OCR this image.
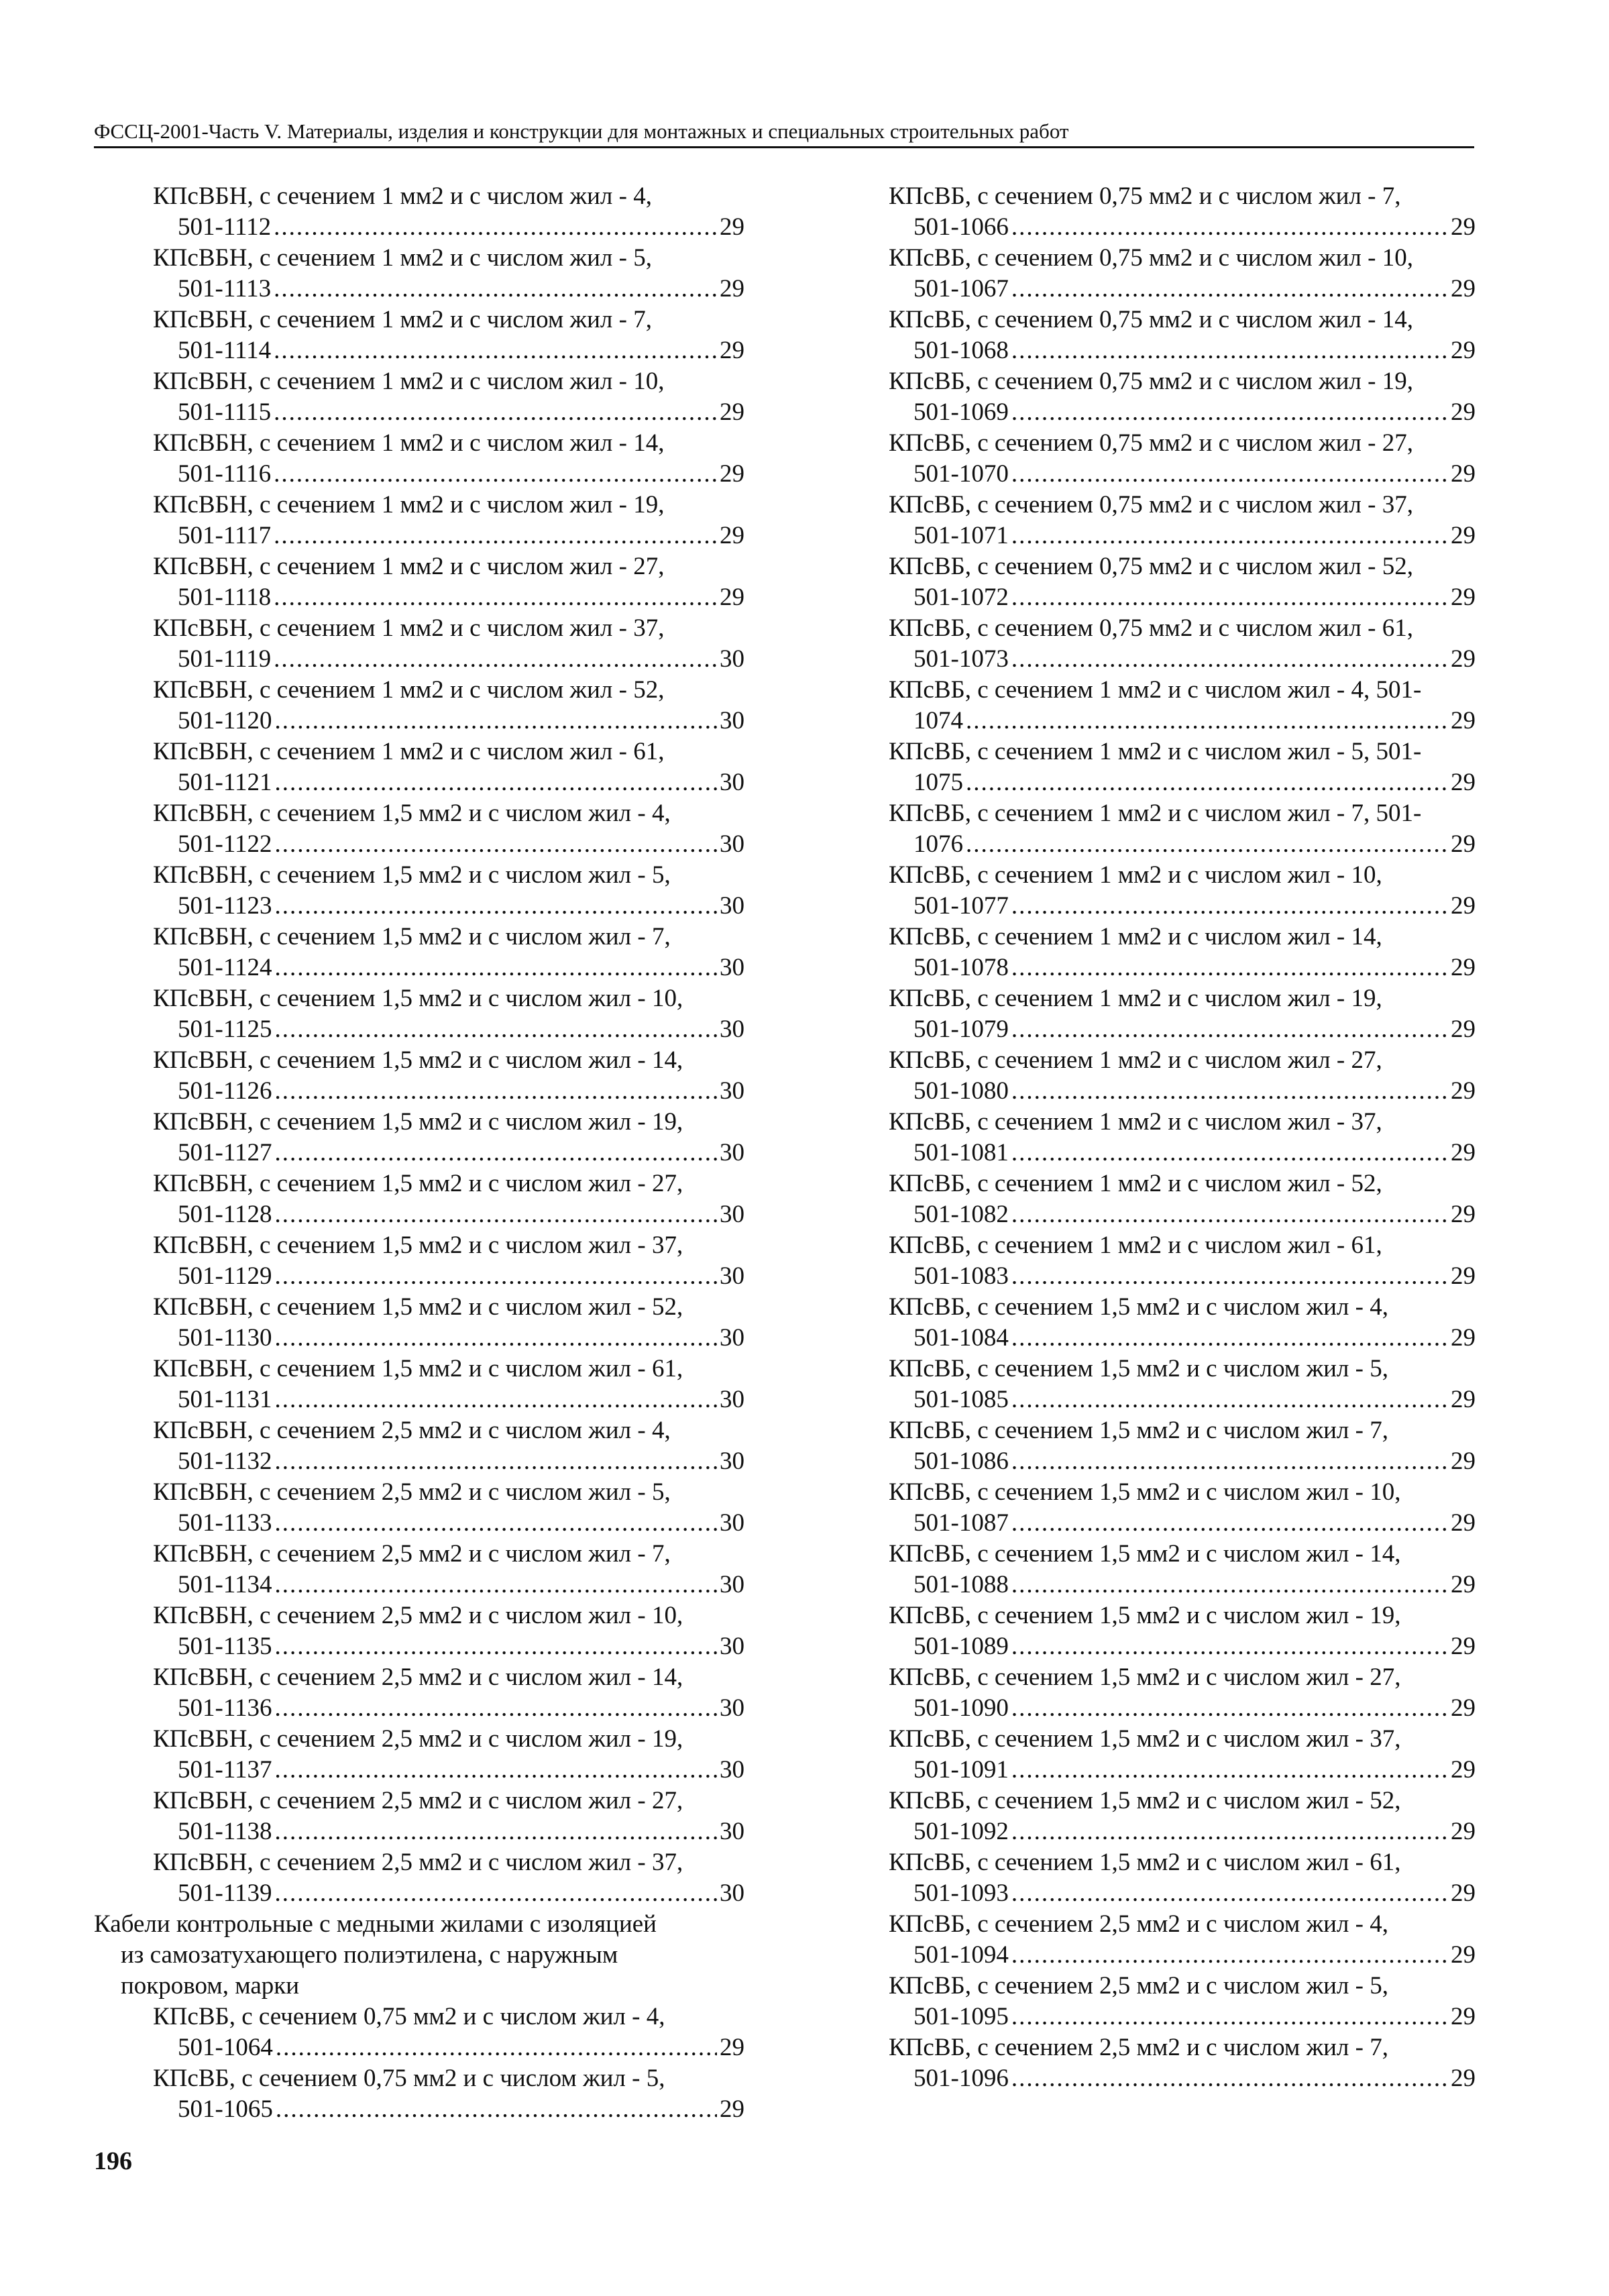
ФССЦ-2001-Часть V. Материалы, изделия и конструкции для монтажных и специальных строительных работ
КПсВБН, с сечением 1 мм2 и с числом жил - 4,
501-1112 .....	29
КПсВБН, с сечением 1 мм2 и с числом жил - 5,
501-1113 .....	29
КПсВБН, с сечением 1 мм2 и с числом жил - 7,
501-1114 .....	29
КПсВБН, с сечением 1 мм2 и с числом жил - 10,
501-1115 .....	29
КПсВБН, с сечением 1 мм2 и с числом жил - 14,
501-1116 .....	29
КПсВБН, с сечением 1 мм2 и с числом жил - 19,
501-1117 .....	29
КПсВБН, с сечением 1 мм2 и с числом жил - 27,
501-1118 .....	29
КПсВБН, с сечением 1 мм2 и с числом жил - 37,
501-1119 .....	30
КПсВБН, с сечением 1 мм2 и с числом жил - 52,
501-1120 .....	30
КПсВБН, с сечением 1 мм2 и с числом жил - 61,
501-1121 .....	30
КПсВБН, с сечением 1,5 мм2 и с числом жил - 4,
501-1122 .....	30
КПсВБН, с сечением 1,5 мм2 и с числом жил - 5,
501-1123 .....	30
КПсВБН, с сечением 1,5 мм2 и с числом жил - 7,
501-1124 .....	30
КПсВБН, с сечением 1,5 мм2 и с числом жил - 10,
501-1125 .....	30
КПсВБН, с сечением 1,5 мм2 и с числом жил - 14,
501-1126 .....	30
КПсВБН, с сечением 1,5 мм2 и с числом жил - 19,
501-1127 .....	30
КПсВБН, с сечением 1,5 мм2 и с числом жил - 27,
501-1128 .....	30
КПсВБН, с сечением 1,5 мм2 и с числом жил - 37,
501-1129 .....	30
КПсВБН, с сечением 1,5 мм2 и с числом жил - 52,
501-1130 .....	30
КПсВБН, с сечением 1,5 мм2 и с числом жил - 61,
501-1131 .....	30
КПсВБН, с сечением 2,5 мм2 и с числом жил - 4,
501-1132 .....	30
КПсВБН, с сечением 2,5 мм2 и с числом жил - 5,
501-1133 .....	30
КПсВБН, с сечением 2,5 мм2 и с числом жил - 7,
501-1134 .....	30
КПсВБН, с сечением 2,5 мм2 и с числом жил - 10,
501-1135 .....	30
КПсВБН, с сечением 2,5 мм2 и с числом жил - 14,
501-1136 .....	30
КПсВБН, с сечением 2,5 мм2 и с числом жил - 19,
501-1137 .....	30
КПсВБН, с сечением 2,5 мм2 и с числом жил - 27,
501-1138 .....	30
КПсВБН, с сечением 2,5 мм2 и с числом жил - 37,
501-1139 .....	30
Кабели контрольные с медными жилами с изоляцией
из самозатухающего полиэтилена, с наружным
покровом, марки
КПсВБ, с сечением 0,75 мм2 и с числом жил - 4,
501-1064 .....	29
КПсВБ, с сечением 0,75 мм2 и с числом жил - 5,
501-1065 .....	29
КПсВБ, с сечением 0,75 мм2 и с числом жил - 7,
501-1066 .....	29
КПсВБ, с сечением 0,75 мм2 и с числом жил - 10,
501-1067 .....	29
КПсВБ, с сечением 0,75 мм2 и с числом жил - 14,
501-1068 .....	29
КПсВБ, с сечением 0,75 мм2 и с числом жил - 19,
501-1069 .....	29
КПсВБ, с сечением 0,75 мм2 и с числом жил - 27,
501-1070 .....	29
КПсВБ, с сечением 0,75 мм2 и с числом жил - 37,
501-1071 .....	29
КПсВБ, с сечением 0,75 мм2 и с числом жил - 52,
501-1072 .....	29
КПсВБ, с сечением 0,75 мм2 и с числом жил - 61,
501-1073 .....	29
КПсВБ, с сечением 1 мм2 и с числом жил - 4, 501-
1074 .....	29
КПсВБ, с сечением 1 мм2 и с числом жил - 5, 501-
1075 .....	29
КПсВБ, с сечением 1 мм2 и с числом жил - 7, 501-
1076 .....	29
КПсВБ, с сечением 1 мм2 и с числом жил - 10,
501-1077 .....	29
КПсВБ, с сечением 1 мм2 и с числом жил - 14,
501-1078 .....	29
КПсВБ, с сечением 1 мм2 и с числом жил - 19,
501-1079 .....	29
КПсВБ, с сечением 1 мм2 и с числом жил - 27,
501-1080 .....	29
КПсВБ, с сечением 1 мм2 и с числом жил - 37,
501-1081 .....	29
КПсВБ, с сечением 1 мм2 и с числом жил - 52,
501-1082 .....	29
КПсВБ, с сечением 1 мм2 и с числом жил - 61,
501-1083 .....	29
КПсВБ, с сечением 1,5 мм2 и с числом жил - 4,
501-1084 .....	29
КПсВБ, с сечением 1,5 мм2 и с числом жил - 5,
501-1085 .....	29
КПсВБ, с сечением 1,5 мм2 и с числом жил - 7,
501-1086 .....	29
КПсВБ, с сечением 1,5 мм2 и с числом жил - 10,
501-1087 .....	29
КПсВБ, с сечением 1,5 мм2 и с числом жил - 14,
501-1088 .....	29
КПсВБ, с сечением 1,5 мм2 и с числом жил - 19,
501-1089 .....	29
КПсВБ, с сечением 1,5 мм2 и с числом жил - 27,
501-1090 .....	29
КПсВБ, с сечением 1,5 мм2 и с числом жил - 37,
501-1091 .....	29
КПсВБ, с сечением 1,5 мм2 и с числом жил - 52,
501-1092 .....	29
КПсВБ, с сечением 1,5 мм2 и с числом жил - 61,
501-1093 .....	29
КПсВБ, с сечением 2,5 мм2 и с числом жил - 4,
501-1094 .....	29
КПсВБ, с сечением 2,5 мм2 и с числом жил - 5,
501-1095 .....	29
КПсВБ, с сечением 2,5 мм2 и с числом жил - 7,
501-1096 .....	29
196
